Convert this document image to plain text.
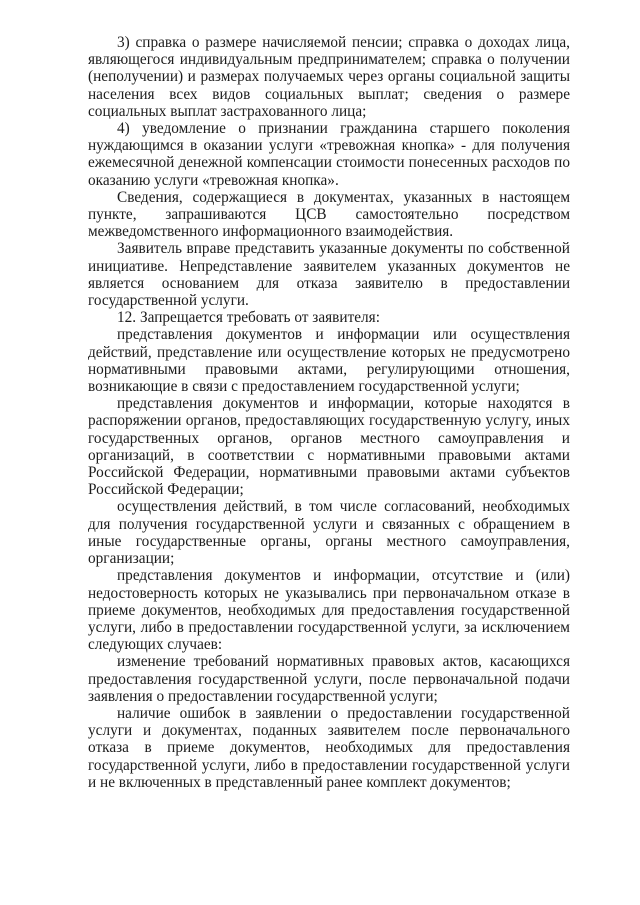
3) справка о размере начисляемой пенсии; справка о доходах лица, являющегося индивидуальным предпринимателем; справка о получении (неполучении) и размерах получаемых через органы социальной защиты населения всех видов социальных выплат; сведения о размере социальных выплат застрахованного лица;

4) уведомление о признании гражданина старшего поколения нуждающимся в оказании услуги «тревожная кнопка» - для получения ежемесячной денежной компенсации стоимости понесенных расходов по оказанию услуги «тревожная кнопка».

Сведения, содержащиеся в документах, указанных в настоящем пункте, запрашиваются ЦСВ самостоятельно посредством межведомственного информационного взаимодействия.

Заявитель вправе представить указанные документы по собственной инициативе. Непредставление заявителем указанных документов не является основанием для отказа заявителю в предоставлении государственной услуги.

12. Запрещается требовать от заявителя:

представления документов и информации или осуществления действий, представление или осуществление которых не предусмотрено нормативными правовыми актами, регулирующими отношения, возникающие в связи с предоставлением государственной услуги;

представления документов и информации, которые находятся в распоряжении органов, предоставляющих государственную услугу, иных государственных органов, органов местного самоуправления и организаций, в соответствии с нормативными правовыми актами Российской Федерации, нормативными правовыми актами субъектов Российской Федерации;

осуществления действий, в том числе согласований, необходимых для получения государственной услуги и связанных с обращением в иные государственные органы, органы местного самоуправления, организации;

представления документов и информации, отсутствие и (или) недостоверность которых не указывались при первоначальном отказе в приеме документов, необходимых для предоставления государственной услуги, либо в предоставлении государственной услуги, за исключением следующих случаев:

изменение требований нормативных правовых актов, касающихся предоставления государственной услуги, после первоначальной подачи заявления о предоставлении государственной услуги;

наличие ошибок в заявлении о предоставлении государственной услуги и документах, поданных заявителем после первоначального отказа в приеме документов, необходимых для предоставления государственной услуги, либо в предоставлении государственной услуги и не включенных в представленный ранее комплект документов;
